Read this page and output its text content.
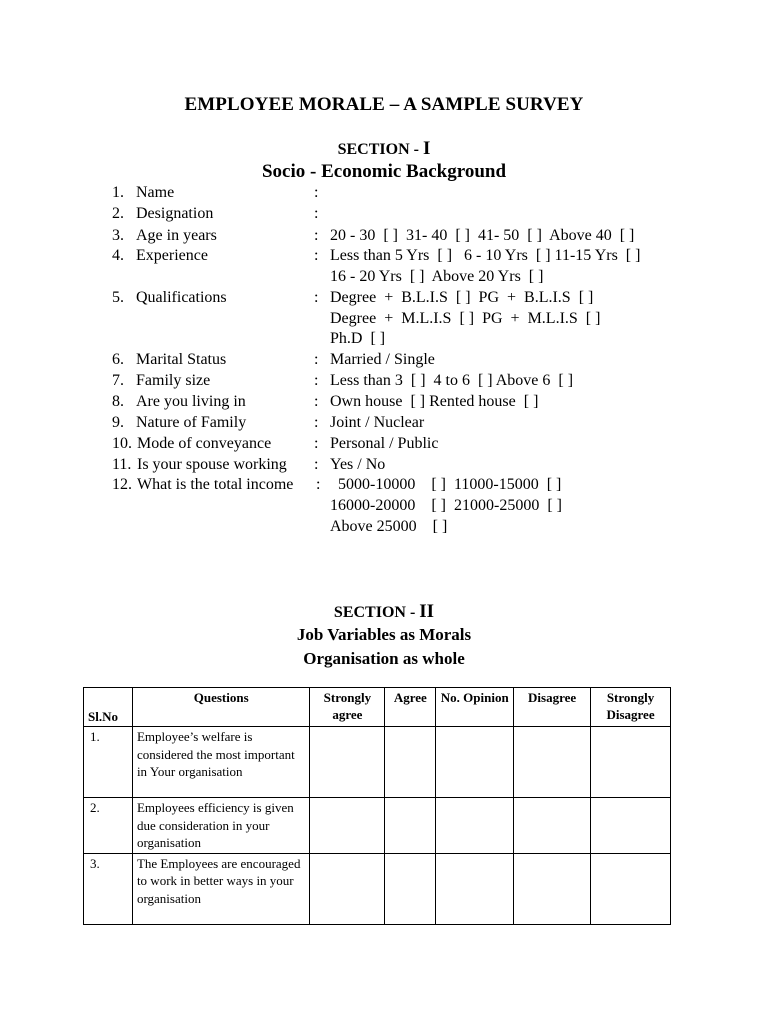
EMPLOYEE MORALE – A SAMPLE SURVEY
SECTION - I
Socio - Economic Background
1. Name	:
2. Designation	:
3. Age in years	: 20 - 30  [ ]  31- 40  [ ]  41- 50  [ ]  Above 40  [ ]
4. Experience	: Less than 5 Yrs  [ ]   6 - 10 Yrs  [ ] 11-15 Yrs  [ ]
16 - 20 Yrs  [ ]  Above 20 Yrs  [ ]
5. Qualifications	: Degree  +  B.L.I.S  [ ]  PG  +  B.L.I.S  [ ]
Degree  +  M.L.I.S  [ ]  PG  +  M.L.I.S  [ ]
Ph.D  [ ]
6. Marital Status	: Married / Single
7. Family size	: Less than 3  [ ]  4 to 6  [ ] Above 6  [ ]
8. Are you living in	: Own house  [ ] Rented house  [ ]
9. Nature of Family	: Joint / Nuclear
10. Mode of conveyance	: Personal / Public
11. Is your spouse working : Yes / No
12. What is the total income : 5000-10000    [ ]  11000-15000  [ ]
16000-20000    [ ]  21000-25000  [ ]
Above 25000    [ ]
SECTION - II
Job Variables as Morals
Organisation as whole
Sl.No	Questions	Strongly agree	Agree	No. Opinion	Disagree	Strongly Disagree
1.	Employee’s welfare is considered the most important in Your organisation					
2.	Employees efficiency is given due consideration in your organisation					
3.	The Employees are encouraged to work in better ways in your organisation					
